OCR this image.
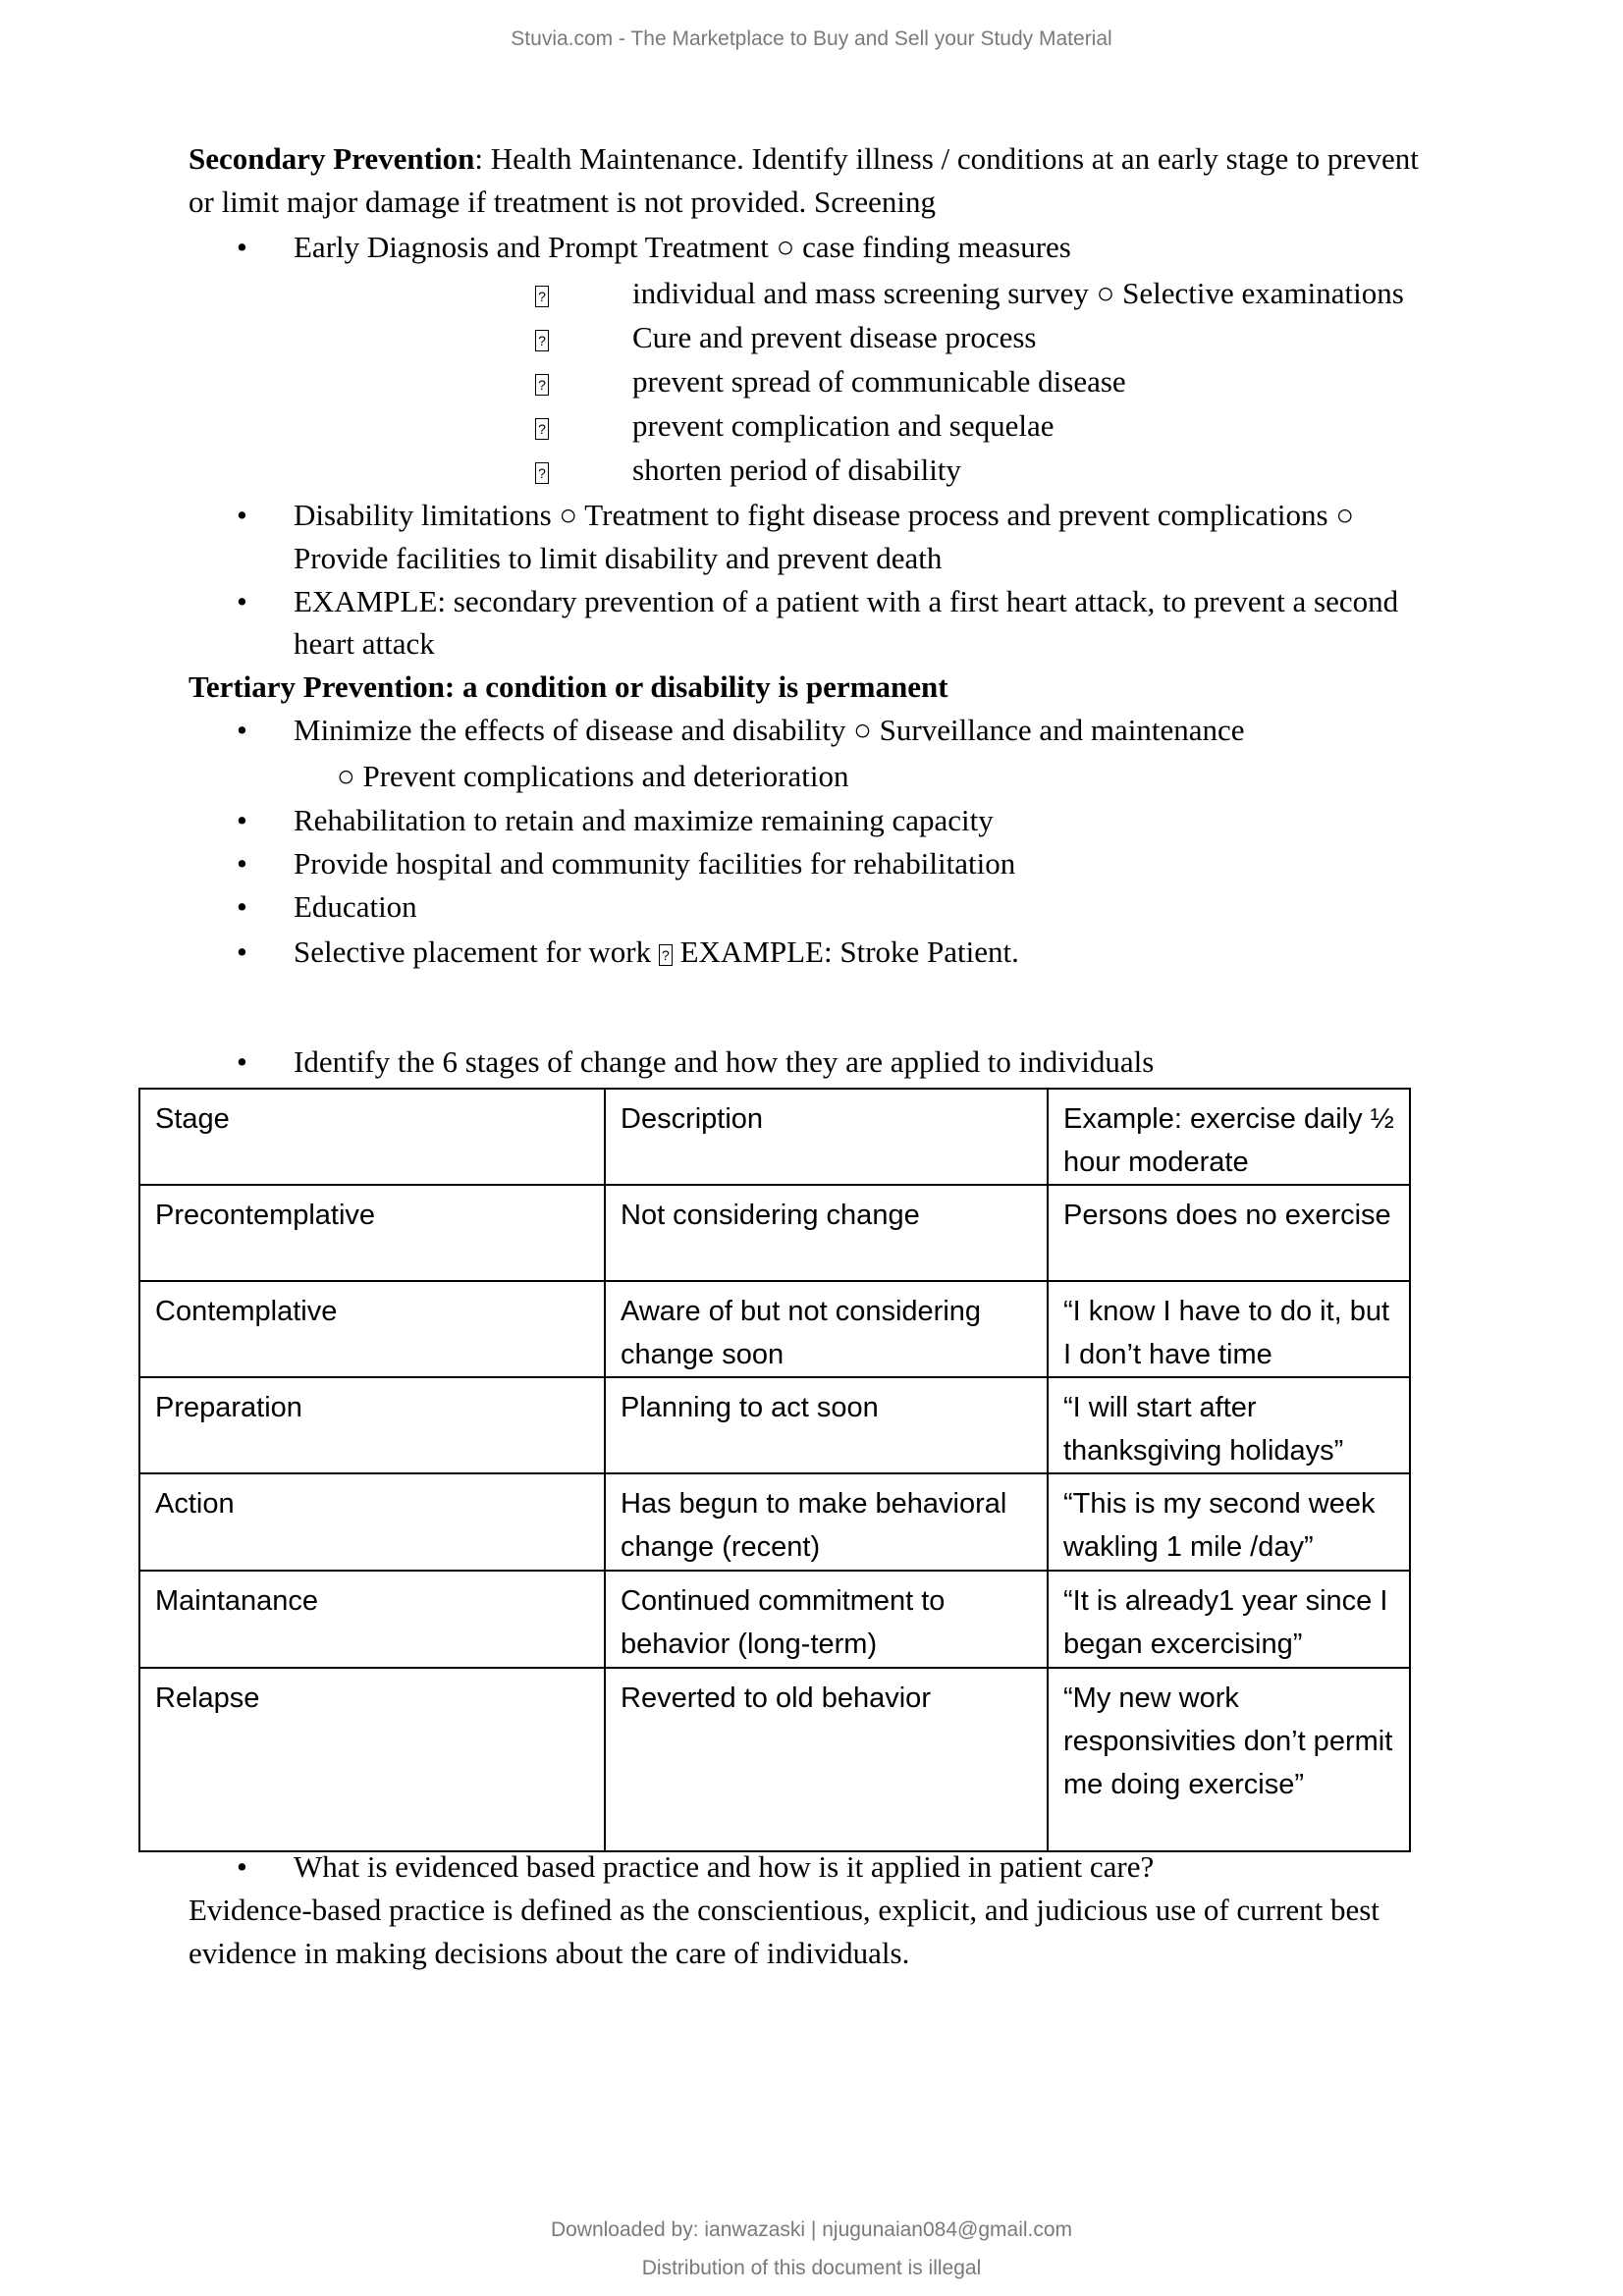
Stuvia.com - The Marketplace to Buy and Sell your Study Material
Secondary Prevention: Health Maintenance. Identify illness / conditions at an early stage to prevent
or limit major damage if treatment is not provided. Screening
• Early Diagnosis and Prompt Treatment ○ case finding measures
?	individual and mass screening survey ○ Selective examinations
?	Cure and prevent disease process
?	prevent spread of communicable disease
?	prevent complication and sequelae
?	shorten period of disability
• Disability limitations ○ Treatment to fight disease process and prevent complications ○
Provide facilities to limit disability and prevent death
• EXAMPLE: secondary prevention of a patient with a first heart attack, to prevent a second
heart attack
Tertiary Prevention: a condition or disability is permanent
• Minimize the effects of disease and disability ○ Surveillance and maintenance
○ Prevent complications and deterioration
• Rehabilitation to retain and maximize remaining capacity
• Provide hospital and community facilities for rehabilitation
• Education
• Selective placement for work ? EXAMPLE: Stroke Patient.
• Identify the 6 stages of change and how they are applied to individuals
Stage	Description	Example: exercise daily ½ hour moderate
Precontemplative	Not considering change	Persons does no exercise
Contemplative	Aware of but not considering change soon	“I know I have to do it, but I don’t have time
Preparation	Planning to act soon	“I will start after thanksgiving holidays”
Action	Has begun to make behavioral change (recent)	“This is my second week wakling 1 mile /day”
Maintanance	Continued commitment to behavior (long-term)	“It is already1 year since I began excercising”
Relapse	Reverted to old behavior	“My new work responsivities don’t permit me doing exercise”
• What is evidenced based practice and how is it applied in patient care?
Evidence-based practice is defined as the conscientious, explicit, and judicious use of current best
evidence in making decisions about the care of individuals.
Downloaded by: ianwazaski | njugunaian084@gmail.com
Distribution of this document is illegal
